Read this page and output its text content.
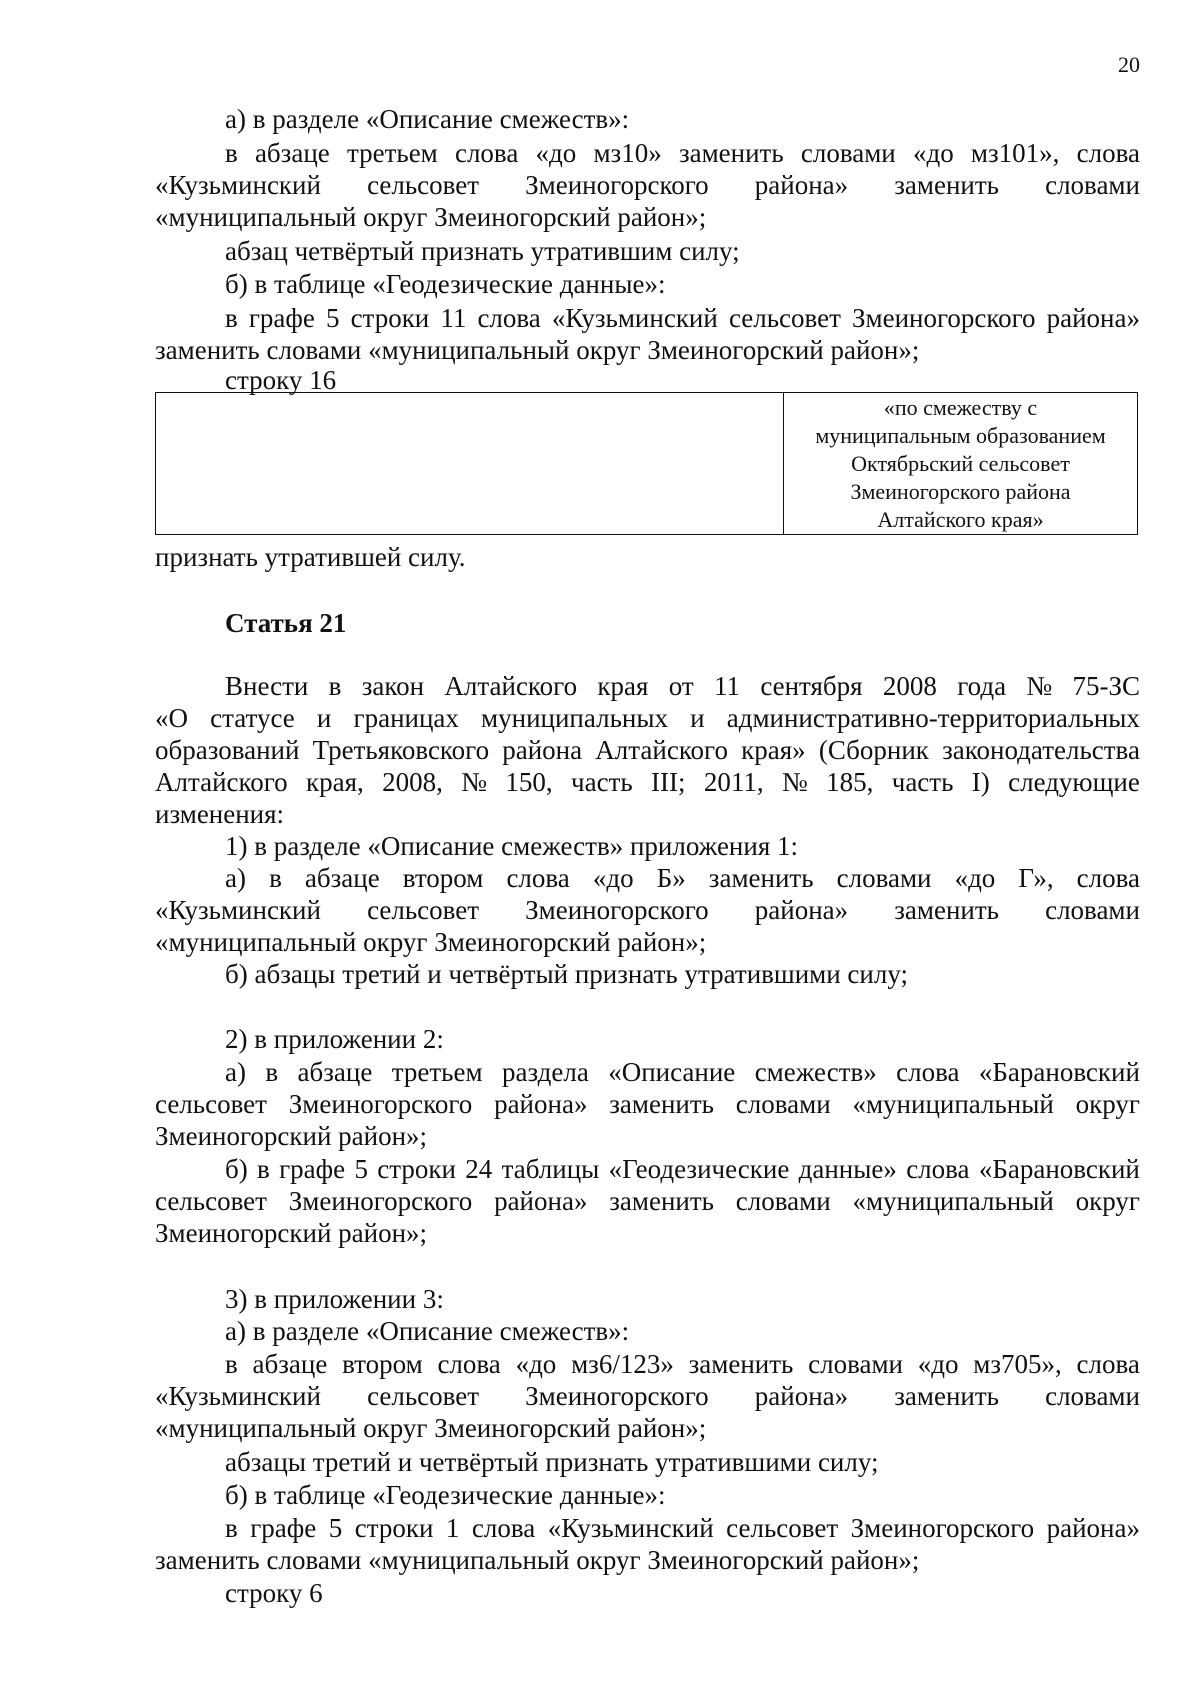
20

а) в разделе «Описание смежеств»:

в абзаце третьем слова «до мз10» заменить словами «до мз101», слова

«Кузьминский сельсовет Змеиногорского района» заменить словами

«муниципальный округ Змеиногорский район»;

абзац четвёртый признать утратившим силу;

б) в таблице «Геодезические данные»:

в графе 5 строки 11 слова «Кузьминский сельсовет Змеиногорского района»

заменить словами «муниципальный округ Змеиногорский район»;

строку 16

«по смежеству с
муниципальным образованием
Октябрьский сельсовет
Змеиногорского района
Алтайского края»

признать утратившей силу.

Статья 21

Внести в закон Алтайского края от 11 сентября 2008 года № 75-ЗС

«О статусе и границах муниципальных и административно-территориальных

образований Третьяковского района Алтайского края» (Сборник законодательства

Алтайского края, 2008, № 150, часть III; 2011, № 185, часть I) следующие

изменения:

1) в разделе «Описание смежеств» приложения 1:

а) в абзаце втором слова «до Б» заменить словами «до Г», слова

«Кузьминский сельсовет Змеиногорского района» заменить словами

«муниципальный округ Змеиногорский район»;

б) абзацы третий и четвёртый признать утратившими силу;

2) в приложении 2:

а) в абзаце третьем раздела «Описание смежеств» слова «Барановский

сельсовет Змеиногорского района» заменить словами «муниципальный округ

Змеиногорский район»;

б) в графе 5 строки 24 таблицы «Геодезические данные» слова «Барановский

сельсовет Змеиногорского района» заменить словами «муниципальный округ

Змеиногорский район»;

3) в приложении 3:

а) в разделе «Описание смежеств»:

в абзаце втором слова «до мз6/123» заменить словами «до мз705», слова

«Кузьминский сельсовет Змеиногорского района» заменить словами

«муниципальный округ Змеиногорский район»;

абзацы третий и четвёртый признать утратившими силу;

б) в таблице «Геодезические данные»:

в графе 5 строки 1 слова «Кузьминский сельсовет Змеиногорского района»

заменить словами «муниципальный округ Змеиногорский район»;

строку 6
